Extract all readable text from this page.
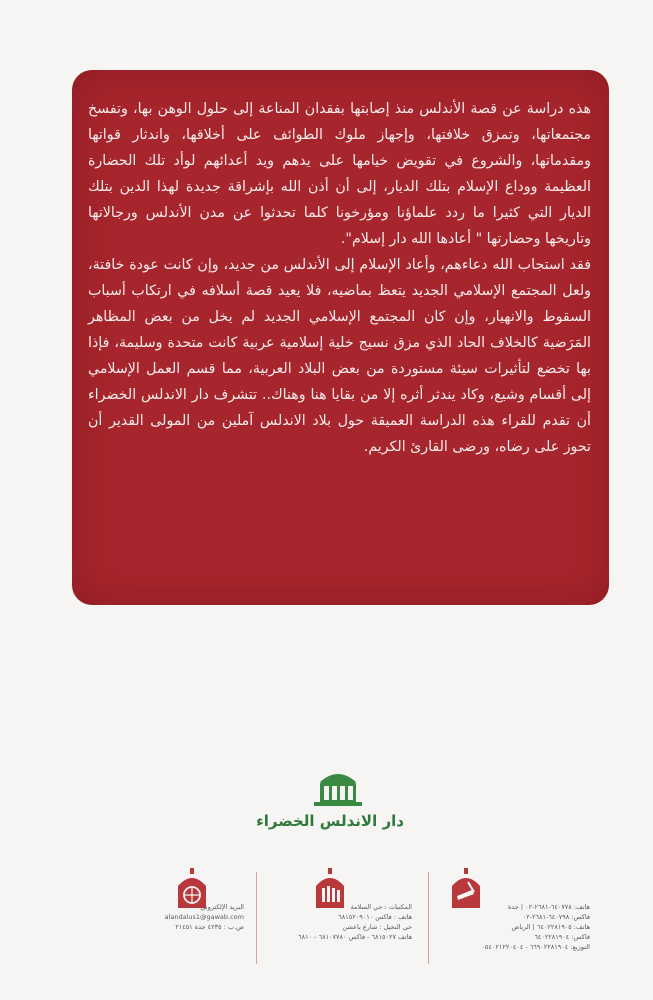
هذه دراسة عن قصة الأندلس منذ إصابتها بفقدان المناعة إلى حلول الوهن بها، وتفسخ مجتمعاتها، وتمزق خلافتها، وإجهاز ملوك الطوائف على أخلاقها، واندثار قواتها ومقدماتها، والشروع في تقويض خيامها على يدهم ويد أعدائهم لوأد تلك الحضارة العظيمة ووداع الإسلام بتلك الديار، إلى أن أذن الله بإشراقة جديدة لهذا الدين بتلك الديار التي كثيرا ما ردد علماؤنا ومؤرخونا كلما تحدثوا عن مدن الأندلس ورجالاتها وتاريخها وحضارتها " أعادها الله دار إسلام".

فقد استجاب الله دعاءهم، وأعاد الإسلام إلى الأندلس من جديد، وإن كانت عودة خافتة، ولعل المجتمع الإسلامي الجديد يتعظ بماضيه، فلا يعيد قصة أسلافه في ارتكاب أسباب السقوط والانهيار، وإن كان المجتمع الإسلامي الجديد لم يخل من بعض المظاهر المَرَضية كالخلاف الحاد الذي مزق نسيج خلية إسلامية عربية كانت متحدة وسليمة، فإذا بها تخضع لتأثيرات سيئة مستوردة من بعض البلاد العربية، مما قسم العمل الإسلامي إلى أقسام وشيع، وكاد يندثر أثره إلا من بقايا هنا وهناك.. تتشرف دار الاندلس الخضراء أن تقدم للقراء هذه الدراسة العميقة حول بلاد الاندلس آملين من المولى القدير أن تحوز على رضاه، ورضى القارئ الكريم.

دار الاندلس الخضراء
هاتف: ٦٤٠٧٧٨-٢٦٨١-٠٢ | جدة
فاكس: ٦٤٠٧٩٨-٢٦٨١-٠٢
هاتف: ٦٤٠٢٢٨١٩٠٥ | الرياض
فاكس: ٦٤٠٢٢٨١٩٠٤
التوزيع: ٦٦٩٠٢٢٨١٩٠٤ - ٠٥٤٠٢١٢٢٠٤٠٤
المكتبات : حي السلامة
هاتف : فاكس ٦٨١٥٢٠٩٠١٠
حي النخيل : شارع باعشن
هاتف ٦٨١٥٠٢٧ - فاكس ٦٨١٠٧٧٨٠ - ٦٨١٠
البريد الإلكتروني
alandalus1@gawab.com
ص.ب : ٤٢٣٥ جدة ٢١٤٥١
